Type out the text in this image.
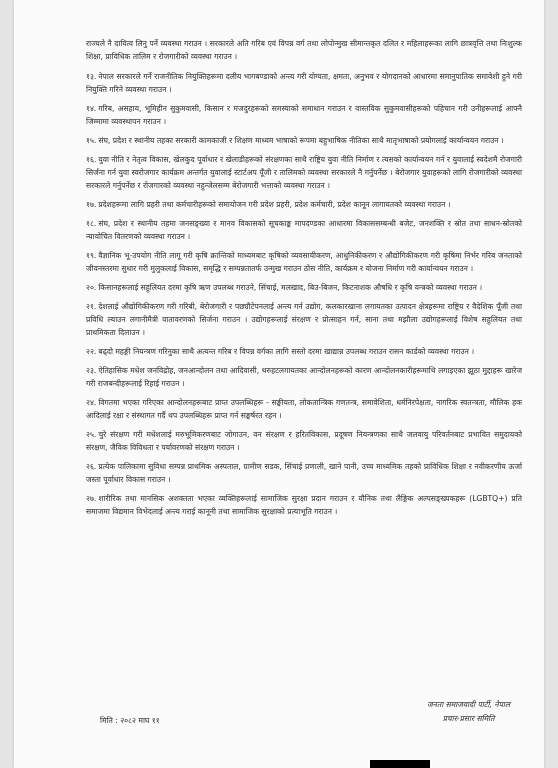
राज्यले नै दायित्व लिनु पर्ने व्यवस्था गराउन । सरकारले अति गरिब एवं विपन्न वर्ग तथा लोपोन्मुख सीमान्तकृत दलित र महिलाहरूका लागि छात्रवृत्ति तथा निःशुल्क शिक्षा, प्राविधिक तालिम र रोजगारीको व्यवस्था गराउन ।
१३. नेपाल सरकारले गर्ने राजनीतिक नियुक्तिहरूमा दलीय भागबण्डाको अन्त्य गरी योग्यता, क्षमता, अनुभव र योगदानको आधारमा समानुपातिक समावेशी हुने गरी नियुक्ति गरिने व्यवस्था गराउन ।
१४. गरिब, असहाय, भूमिहीन सुकुमवासी, किसान र मजदुरहरूको समस्याको समाधान गराउन र वास्तविक सुकुमवासीहरूको पहिचान गरी उनीहरूलाई आफ्नै जिम्मामा व्यवस्थापन गराउन ।
१५. संघ, प्रदेश र स्थानीय तहका सरकारी कामकाजी र शिक्षण माध्यम भाषाको रूपमा बहुभाषिक नीतिका साथै मातृभाषाको प्रयोगलाई कार्यान्वयन गराउन ।
१६. युवा नीति र नेतृत्व विकास, खेलकुद पूर्वाधार र खेलाडीहरूको संरक्षणका साथै राष्ट्रिय युवा नीति निर्माण र त्यसको कार्यान्वयन गर्न र युवालाई स्वदेशमै रोजगारी सिर्जना गर्न युवा स्वरोजगार कार्यक्रम अन्तर्गत युवालाई स्टार्टअप पूँजी र तालिमको व्यवस्था सरकारले नै गर्नुपर्नेछ । बेरोजगार युवाहरूको लागि रोजगारीको व्यवस्था सरकारले गर्नुपर्नेछ र रोजगारको व्यवस्था नहुन्जेलसम्म बेरोजगारी भत्ताको व्यवस्था गराउन ।
१७. प्रदेशहरूमा लागि प्रहरी तथा कर्मचारीहरूको समायोजन गरी प्रदेश प्रहरी, प्रदेश कर्मचारी, प्रदेश कानून लागायतको व्यवस्था गराउन ।
१८. संघ, प्रदेश र स्थानीय तहमा जनसङ्ख्या र मानव विकासको सूचकाङ्क मापदण्डका आधारमा विकाससम्बन्धी बजेट, जनशक्ति र स्रोत तथा साधन-स्रोतको न्यायोचित वितरणको व्यवस्था गराउन ।
१९. वैज्ञानिक भू-उपयोग नीति लागू गरी कृषि क्रान्तिको माध्यमबाट कृषिको व्यवसायीकरण, आधुनिकीकरण र औद्योगिकीकरण गरी कृषिमा निर्भर गरिब जनताको जीवनस्तरमा सुधार गरी मुलुकलाई विकास, समृद्धि र सम्पन्नतातर्फ उन्मुख गराउन ठोस नीति, कार्यक्रम र योजना निर्माण गरी कार्यान्वयन गराउन ।
२०. किसानहरूलाई सहुलियत दरमा कृषि ऋण उपलब्ध गराउने, सिंचाई, मलखाद, बिउ-बिजन, किटनाशक औषधि र कृषि यन्त्रको व्यवस्था गराउन ।
२१. देशलाई औद्योगिकीकरण गरी गरिबी, बेरोजगारी र पछ्यौटेपनलाई अन्त्य गर्न उद्योग, कलकारखाना लगायतका उत्पादन क्षेत्रहरूमा राष्ट्रिय र वैदेशिक पूँजी तथा प्रविधि ल्याउन लगानीमैत्री वातावरणको सिर्जना गराउन । उद्योगहरूलाई संरक्षण र प्रोत्साहन गर्न, साना तथा मझौला उद्योगहरूलाई विशेष सहुलियत तथा प्राथमिकता दिलाउन ।
२२. बढ्दो महङ्गी नियन्त्रण गरिनुका साथै अत्यन्त गरिब र विपन्न वर्गका लागि सस्तो दरमा खाद्यान्न उपलब्ध गराउन रासन कार्डको व्यवस्था गराउन ।
२३. ऐतिहासिक मधेश जनविद्रोह, जनआन्दोलन तथा आदिवासी, थरुहटलगायतका आन्दोलनहरूको कारण आन्दोलनकारीहरूमाथि लगाइएका झूठा मुद्दाहरू खारेज गरी राजबन्दीहरूलाई रिहाई गराउन ।
२४. विगतमा भएका गरिएका आन्दोलनहरूबाट प्राप्त उपलब्धिहरू - सङ्घीयता, लोकतान्त्रिक गणतन्त्र, समावेशिता, धर्मनिरपेक्षता, नागरिक स्वतन्त्रता, मौलिक हक आदिलाई रक्षा र संस्थागत गर्दै थप उपलब्धिहरू प्राप्त गर्न सङ्घर्षरत रहन ।
२५. चुरे संरक्षण गरी मधेशलाई मरुभूमिकरणबाट जोगाउन, वन संरक्षण र हरितविकास, प्रदूषण नियन्त्रणका साथै जलवायु परिवर्तनबाट प्रभावित समुदायको संरक्षण, जैविक विविधता र पर्यावरणको संरक्षण गराउन ।
२६. प्रत्येक पालिकामा सुविधा सम्पन्न प्राथमिक अस्पताल, ग्रामीण सडक, सिंचाई प्रणाली, खाने पानी, उच्च माध्यमिक तहको प्राविधिक शिक्षा र नवीकरणीय ऊर्जा जस्ता पूर्वाधार विकास गराउन ।
२७. शारीरिक तथा मानसिक अशक्तता भएका व्यक्तिहरूलाई सामाजिक सुरक्षा प्रदान गराउन र यौनिक तथा लैङ्गिक अल्पसङ्ख्यकहरू (LGBTQ+) प्रति समाजमा विद्यमान विभेदलाई अन्त्य गराई कानूनी तथा सामाजिक सुरक्षाको प्रत्याभूति गराउन ।
मिति : २०८२ माघ ११
जनता समाजवादी पार्टी, नेपाल
प्रचार-प्रसार समिति
